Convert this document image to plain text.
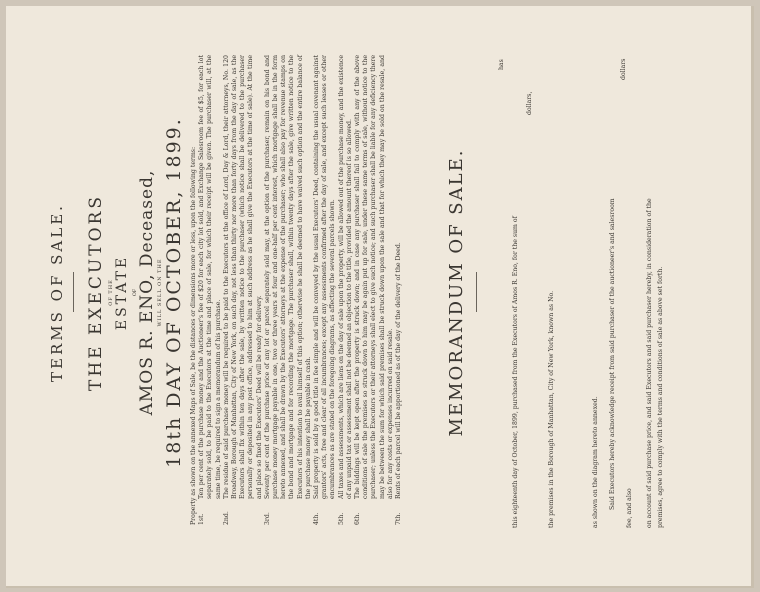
TERMS OF SALE. THE EXECUTORS OF THE ESTATE OF AMOS R. ENO, Deceased, WILL SELL ON THE 18th DAY OF OCTOBER, 1899. Property as shown on the annexed Maps of Sale, be the distances or dimensions more or less, upon the following terms: 1st.
Ten per cent of the purchase money and the Auctioneer's fee of $20 for each city lot sold, and Exchange Salesroom fee of $5, for each lot separately sold, to be paid to the Executors at the time and place of sale, for which their receipt will be given. The purchaser will, at the same time, be required to sign a memorandum of his purchase.
2nd.
The residue of said purchase money will be required to be paid to the Executors at the office of Lord, Day & Lord, their attorneys, No. 120 Broadway, Borough of Manhattan, City of New York, on such day, not less than thirty nor more than forty days from the day of sale, as the Executors shall fix within ten days after the sale, by written notice to the purchaser (which notice shall be delivered to the purchaser personally or deposited in any post office, addressed to him at such address as he shall give the Executors at the time of sale). At the time and place so fixed the Executors' Deed will be ready for delivery.
3rd.
Seventy per cent of the purchase price of any lot or parcel separately sold may, at the option of the purchaser, remain on his bond and purchase money mortgage payable in one, two or three years at four and one-half per cent interest, which mortgage shall be in the form hereto annexed, and shall be drawn by the Executors' attorneys at the expense of the purchaser; who shall also pay for revenue stamps on the bond and mortgage and for recording the mortgage. The purchaser shall, within twenty days after the sale, give written notice to the Executors of his intention to avail himself of this option; otherwise he shall be deemed to have waived such option and the entire balance of the purchase money shall be payable in cash.
4th.
Said property is sold by a good title in fee simple and will be conveyed by the usual Executors' Deed, containing the usual covenant against grantors' acts, free and clear of all incumbrances; except any assessments confirmed after the day of sale, and except such leases or other encumbrances as are stated on the foregoing diagrams, as affecting the several parcels shown.
5th.
All taxes and assessments, which are liens on the day of sale upon the property, will be allowed out of the purchase money, and the existence of any unpaid tax or assessment shall not be deemed an objection to the title, provided the amount thereof is so allowed.
6th.
The biddings will be kept open after the property is struck down; and in case any purchaser shall fail to comply with any of the above conditions of sale the premises so struck down to him may be again put up for sale, under these same terms of sale, without notice to the purchaser; unless the Executors or their attorneys shall elect to give such notice; and such purchaser shall be liable for any deficiency there may be between the sum for which said premises shall be struck down upon the sale and that for which they may be sold on the resale, and also for any costs or expenses incurred on said resale.
7th.
Rents of each parcel will be apportioned as of the day of the delivery of the Deed. MEMORANDUM OF SALE.

has
this eighteenth day of October, 1899, purchased from the Executors of Amos R. Eno, for the sum of
dollars,
the premises in the Borough of Manhattan, City of New York, known as No.	as shown on the diagram hereto annexed. Said Executors hereby acknowledge receipt from said purchaser of the auctioneer's and salesroom
dollars
fee, and also on account of said purchase price, and said Executors and said purchaser hereby, in consideration of the premises, agree to comply with the terms and conditions of sale as above set forth.
